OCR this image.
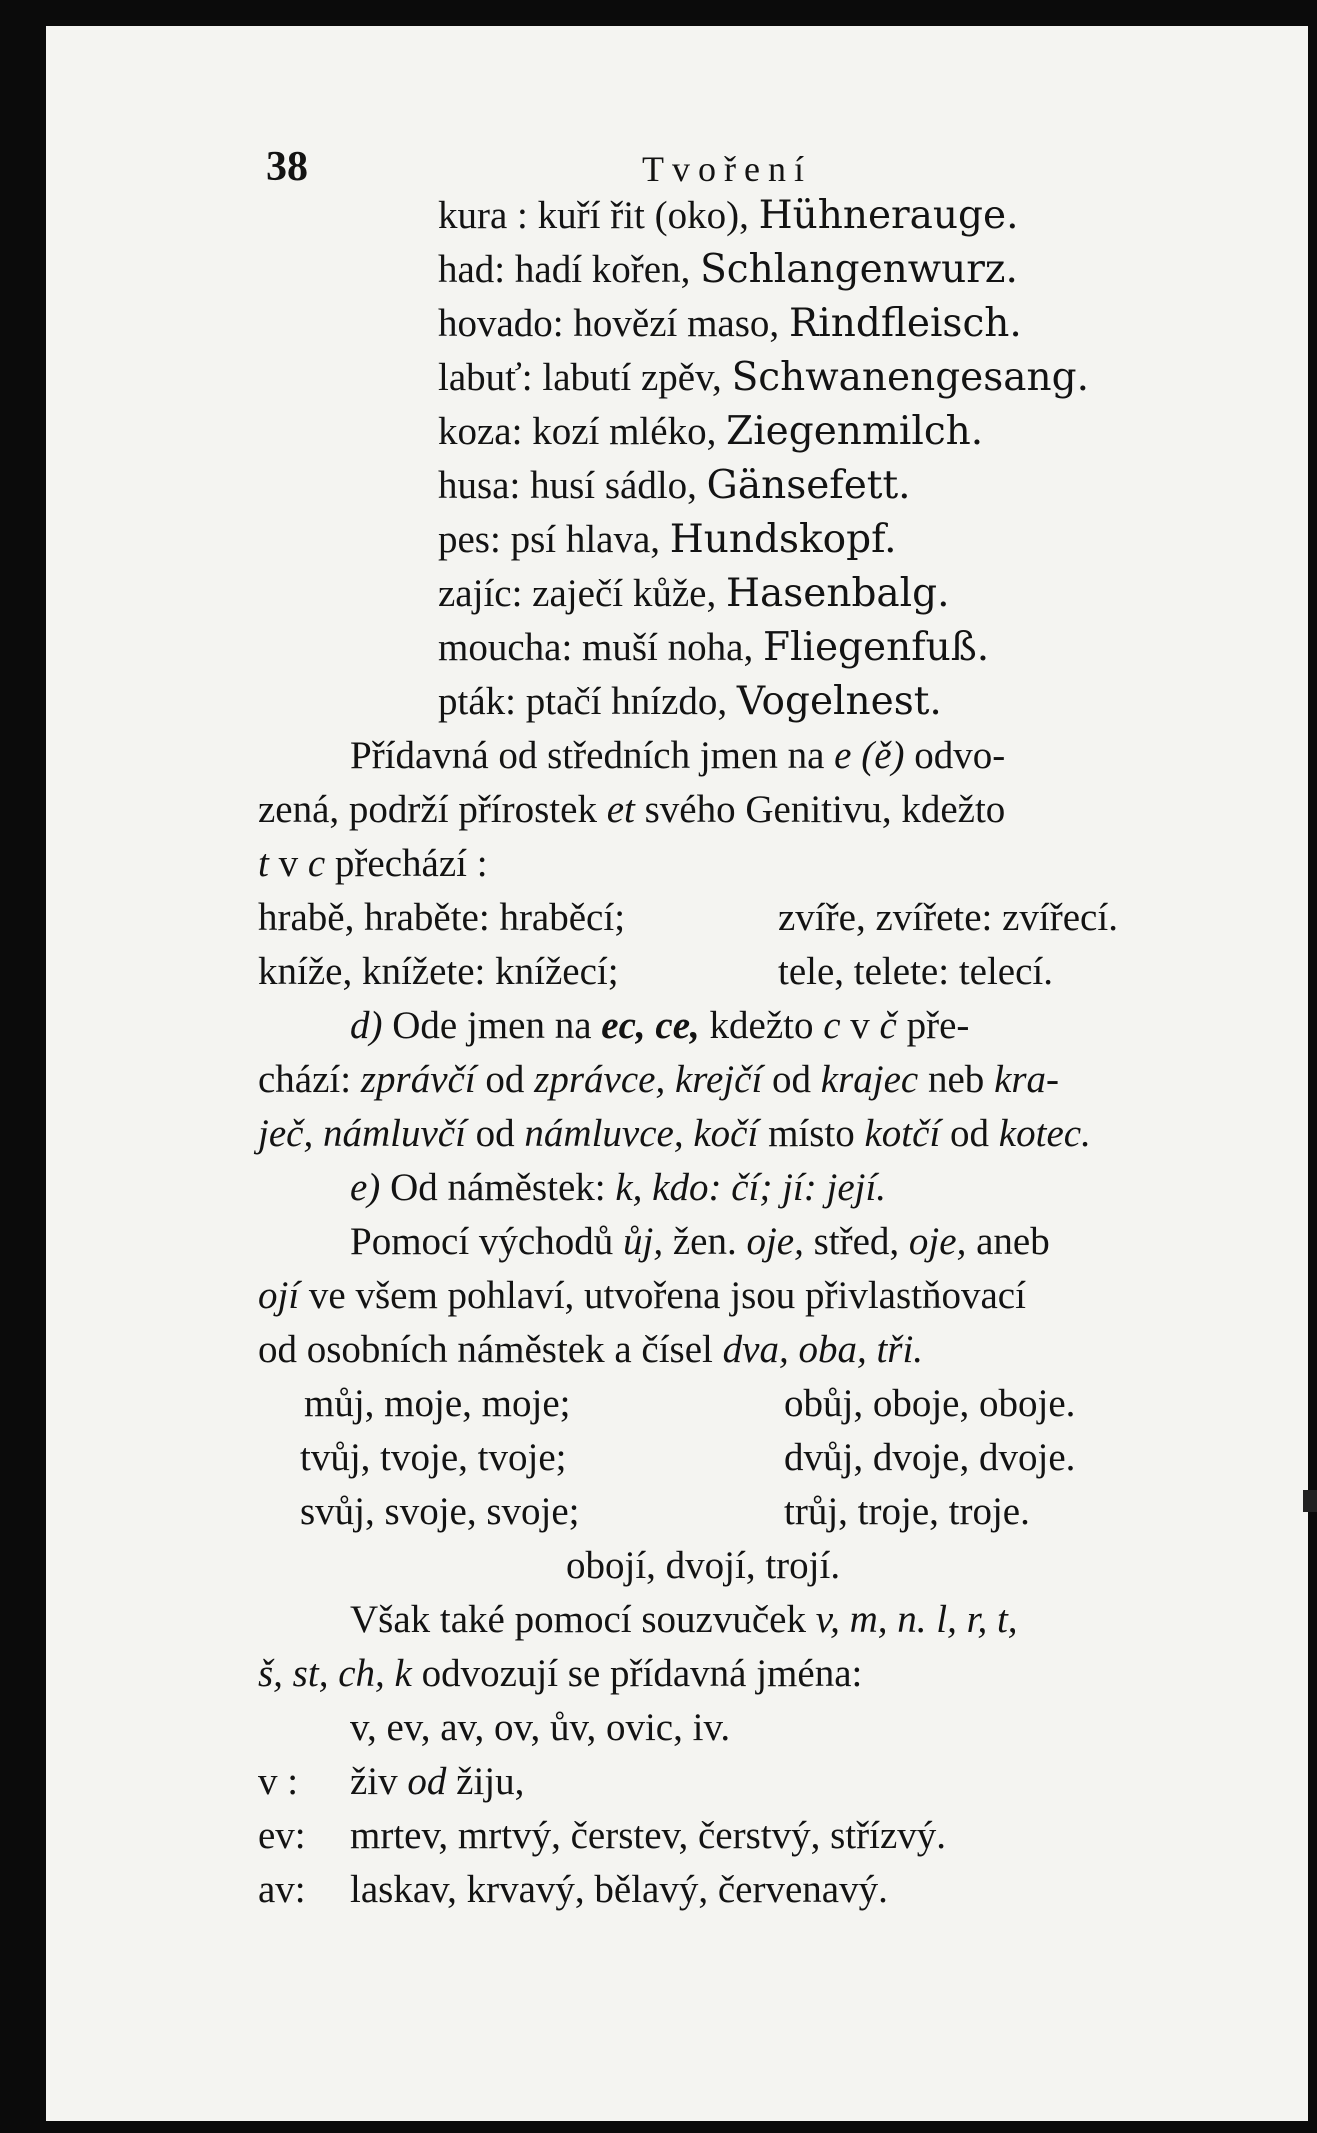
38	Tvoření
kura : kuří řit (oko), Hühnerauge.
had: hadí kořen, Schlangenwurz.
hovado: hovězí maso, Rindfleisch.
labuť: labutí zpěv, Schwanengesang.
koza: kozí mléko, Ziegenmilch.
husa: husí sádlo, Gänsefett.
pes: psí hlava, Hundskopf.
zajíc: zaječí kůže, Hasenbalg.
moucha: muší noha, Fliegenfuß.
pták: ptačí hnízdo, Vogelnest.
Přídavná od středních jmen na e (ě) odvo-
zená, podrží přírostek et svého Genitivu, kdežto
t v c přechází :
hrabě, hraběte: hraběcí;	zvíře, zvířete: zvířecí.
kníže, knížete: knížecí;	tele, telete: telecí.
d) Ode jmen na ec, ce, kdežto c v č pře-
chází: zprávčí od zprávce, krejčí od krajec neb kra-
ječ, námluvčí od námluvce, kočí místo kotčí od kotec.
e) Od náměstek: k, kdo: čí; jí: její.
Pomocí východů ůj, žen. oje, střed, oje, aneb
ojí ve všem pohlaví, utvořena jsou přivlastňovací
od osobních náměstek a čísel dva, oba, tři.
můj, moje, moje;	obůj, oboje, oboje.
tvůj, tvoje, tvoje;	dvůj, dvoje, dvoje.
svůj, svoje, svoje;	trůj, troje, troje.
obojí, dvojí, trojí.
Však také pomocí souzvuček v, m, n. l, r, t,
š, st, ch, k odvozují se přídavná jména:
v, ev, av, ov, ův, ovic, iv.
v : živ od žiju,
ev: mrtev, mrtvý, čerstev, čerstvý, střízvý.
av: laskav, krvavý, bělavý, červenavý.
